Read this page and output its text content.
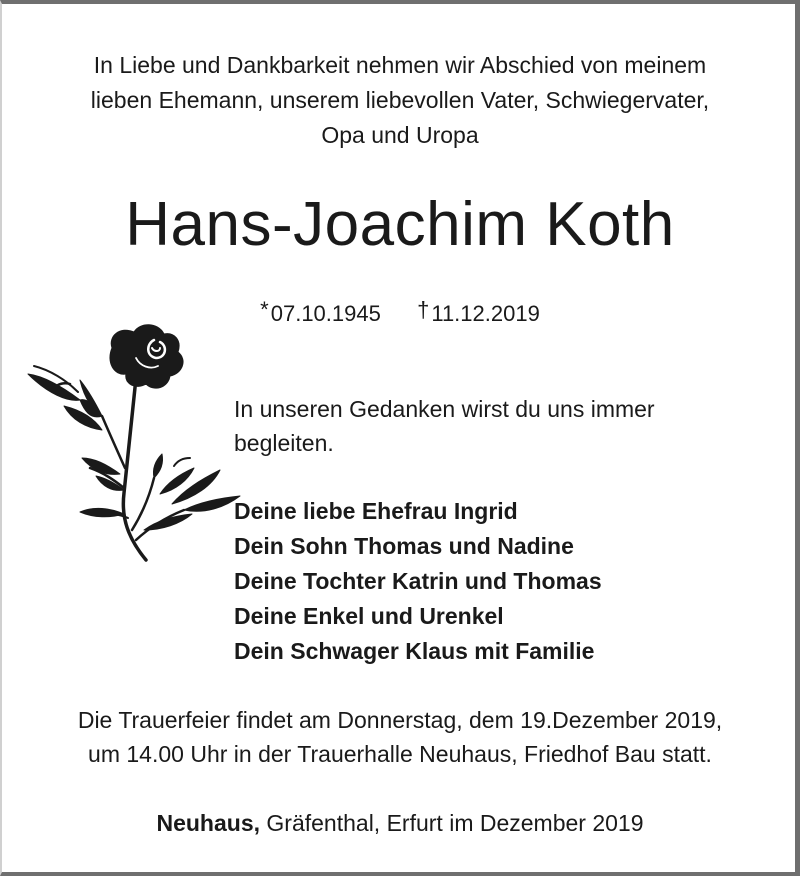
In Liebe und Dankbarkeit nehmen wir Abschied von meinem
lieben Ehemann, unserem liebevollen Vater, Schwiegervater,
Opa und Uropa
Hans-Joachim Koth
*07.10.1945 †11.12.2019
In unseren Gedanken wirst du uns immer
begleiten.
Deine liebe Ehefrau Ingrid
Dein Sohn Thomas und Nadine
Deine Tochter Katrin und Thomas
Deine Enkel und Urenkel
Dein Schwager Klaus mit Familie
Die Trauerfeier findet am Donnerstag, dem 19.Dezember 2019,
um 14.00 Uhr in der Trauerhalle Neuhaus, Friedhof Bau statt.
Neuhaus, Gräfenthal, Erfurt im Dezember 2019
